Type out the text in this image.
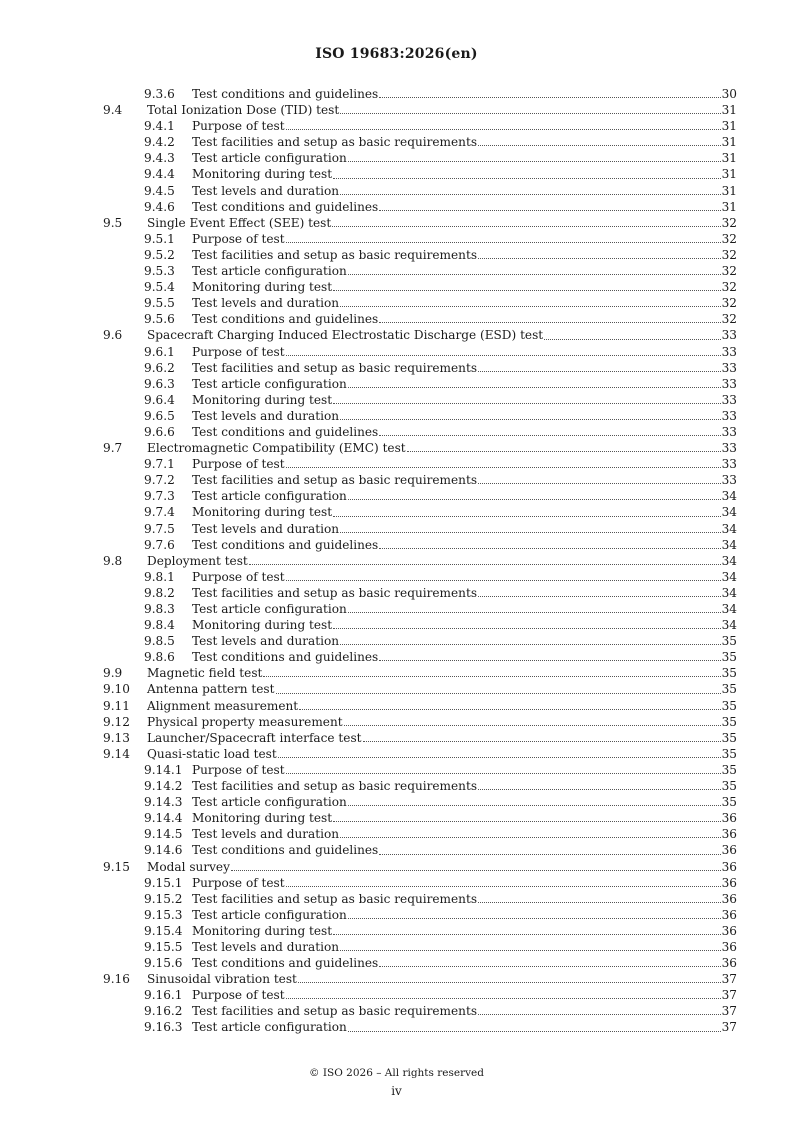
ISO 19683:2026(en)
9.3.6	Test conditions and guidelines	30
9.4	Total Ionization Dose (TID) test	31
9.4.1	Purpose of test	31
9.4.2	Test facilities and setup as basic requirements	31
9.4.3	Test article configuration	31
9.4.4	Monitoring during test	31
9.4.5	Test levels and duration	31
9.4.6	Test conditions and guidelines	31
9.5	Single Event Effect (SEE) test	32
9.5.1	Purpose of test	32
9.5.2	Test facilities and setup as basic requirements	32
9.5.3	Test article configuration	32
9.5.4	Monitoring during test	32
9.5.5	Test levels and duration	32
9.5.6	Test conditions and guidelines	32
9.6	Spacecraft Charging Induced Electrostatic Discharge (ESD) test	33
9.6.1	Purpose of test	33
9.6.2	Test facilities and setup as basic requirements	33
9.6.3	Test article configuration	33
9.6.4	Monitoring during test	33
9.6.5	Test levels and duration	33
9.6.6	Test conditions and guidelines	33
9.7	Electromagnetic Compatibility (EMC) test	33
9.7.1	Purpose of test	33
9.7.2	Test facilities and setup as basic requirements	33
9.7.3	Test article configuration	34
9.7.4	Monitoring during test	34
9.7.5	Test levels and duration	34
9.7.6	Test conditions and guidelines	34
9.8	Deployment test	34
9.8.1	Purpose of test	34
9.8.2	Test facilities and setup as basic requirements	34
9.8.3	Test article configuration	34
9.8.4	Monitoring during test	34
9.8.5	Test levels and duration	35
9.8.6	Test conditions and guidelines	35
9.9	Magnetic field test	35
9.10	Antenna pattern test	35
9.11	Alignment measurement	35
9.12	Physical property measurement	35
9.13	Launcher/Spacecraft interface test	35
9.14	Quasi-static load test	35
9.14.1 Purpose of test	35
9.14.2 Test facilities and setup as basic requirements	35
9.14.3 Test article configuration	35
9.14.4 Monitoring during test	36
9.14.5 Test levels and duration	36
9.14.6 Test conditions and guidelines	36
9.15	Modal survey	36
9.15.1 Purpose of test	36
9.15.2 Test facilities and setup as basic requirements	36
9.15.3 Test article configuration	36
9.15.4 Monitoring during test	36
9.15.5 Test levels and duration	36
9.15.6 Test conditions and guidelines	36
9.16	Sinusoidal vibration test	37
9.16.1 Purpose of test	37
9.16.2 Test facilities and setup as basic requirements	37
9.16.3 Test article configuration	37
© ISO 2026 – All rights reserved
iv
